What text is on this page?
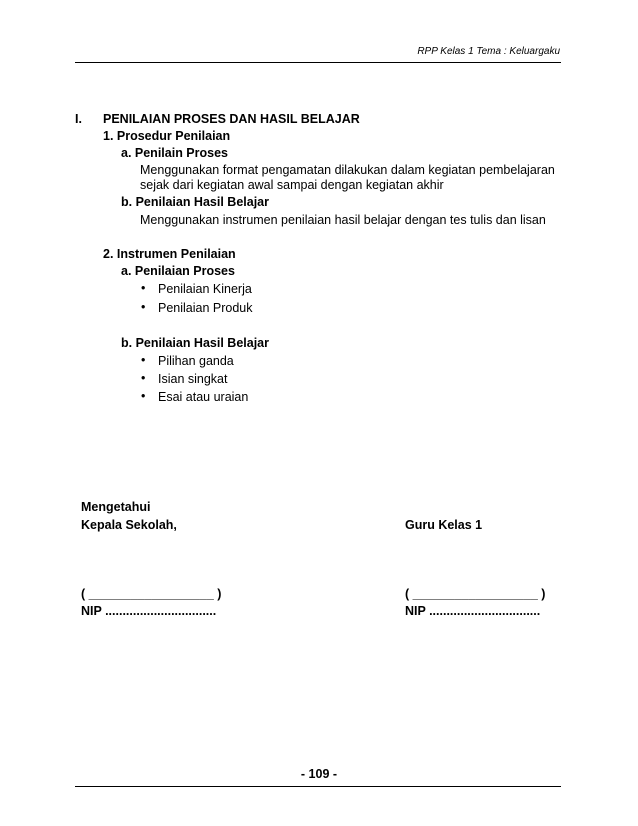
RPP Kelas 1 Tema : Keluargaku
I. PENILAIAN PROSES DAN HASIL BELAJAR
1. Prosedur Penilaian
a. Penilain Proses
Menggunakan format pengamatan dilakukan dalam kegiatan pembelajaran
sejak dari kegiatan awal sampai dengan kegiatan akhir
b. Penilaian Hasil Belajar
Menggunakan instrumen penilaian hasil belajar dengan tes tulis dan lisan
2. Instrumen Penilaian
a. Penilaian Proses
• Penilaian Kinerja
• Penilaian Produk
b. Penilaian Hasil Belajar
• Pilihan ganda
• Isian singkat
• Esai atau uraian
Mengetahui
Kepala Sekolah,	Guru Kelas 1
( __________________ )	( __________________ )
NIP ................................	NIP ................................
- 109 -
